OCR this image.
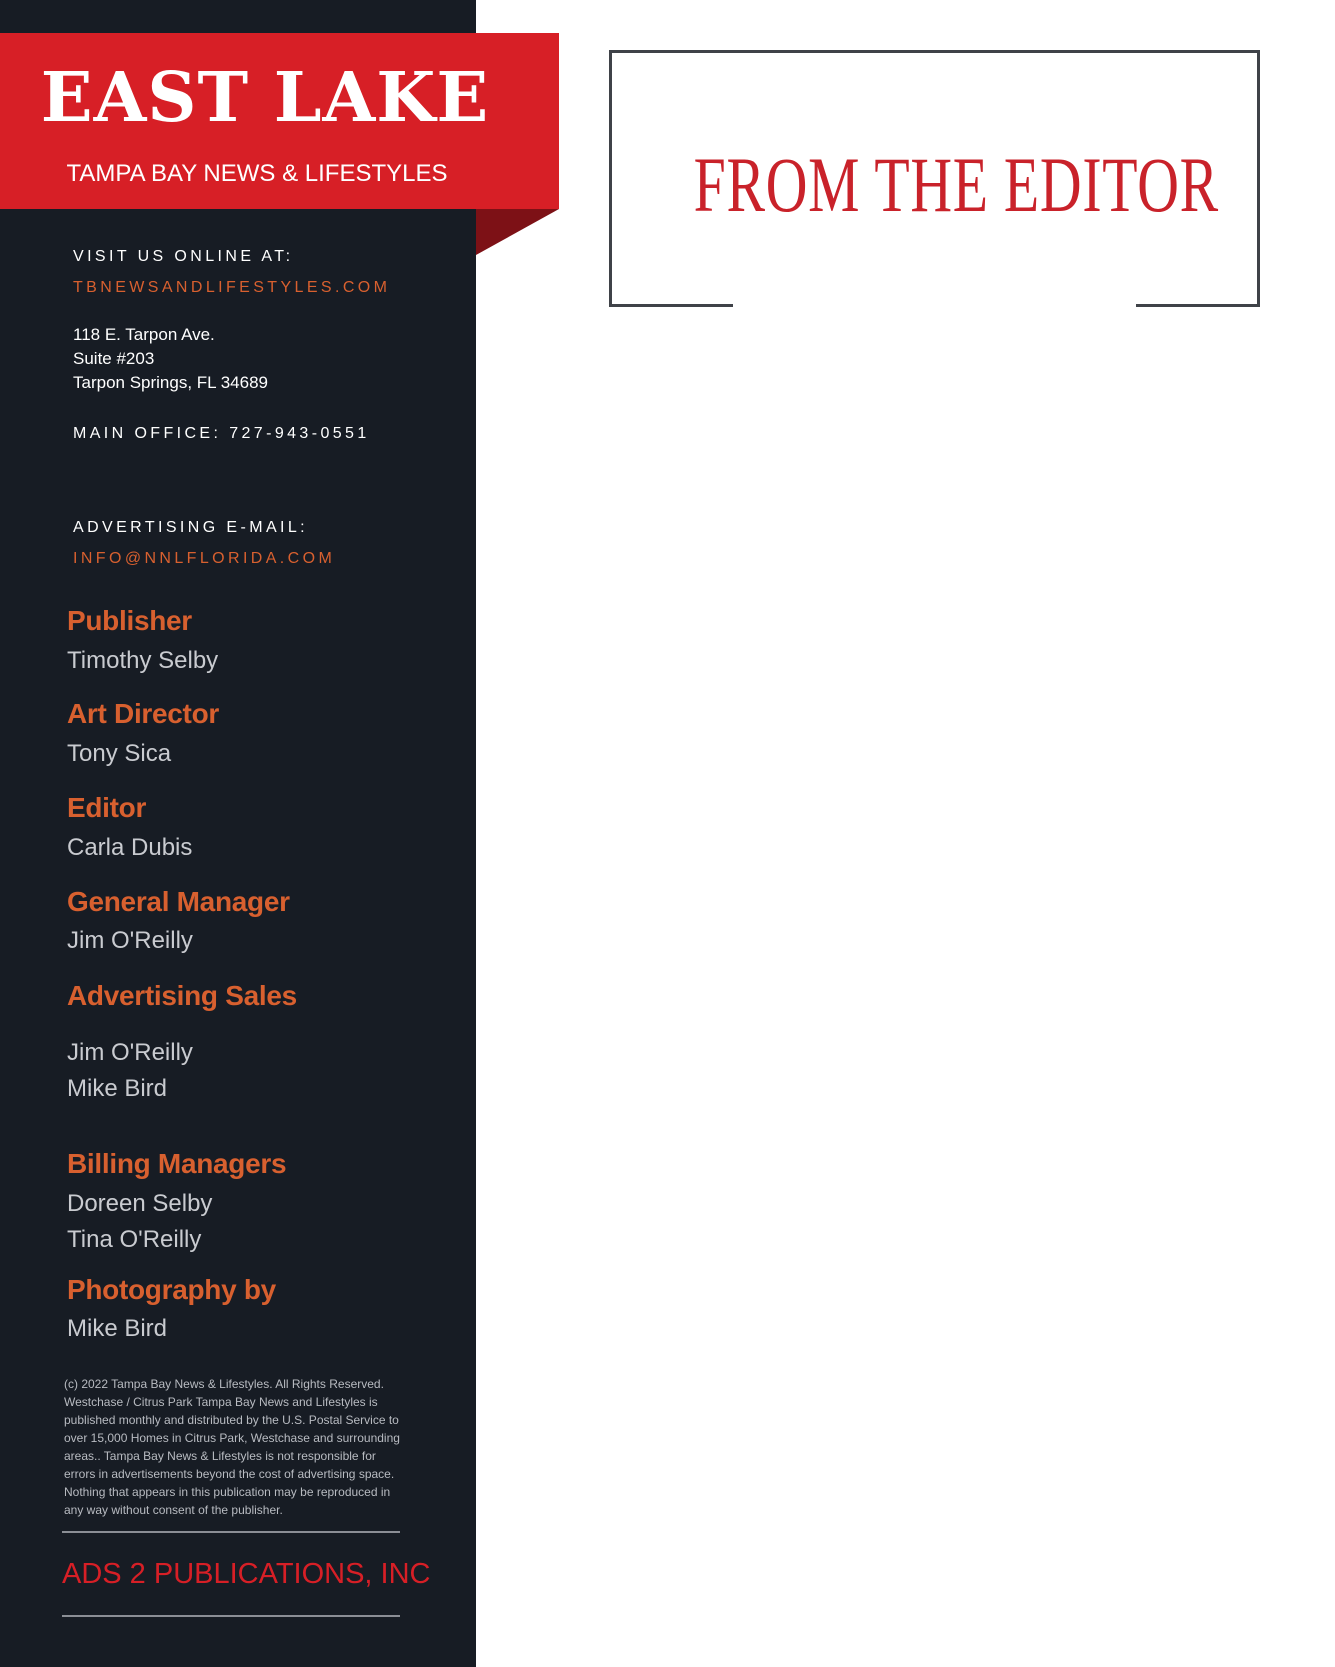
EAST LAKE
TAMPA BAY NEWS & LIFESTYLES
VISIT US ONLINE AT:
TBNEWSANDLIFESTYLES.COM
118 E. Tarpon Ave.
Suite #203
Tarpon Springs, FL 34689
MAIN OFFICE: 727-943-0551
ADVERTISING E-MAIL:
INFO@NNLFLORIDA.COM
Publisher
Timothy Selby
Art Director
Tony Sica
Editor
Carla Dubis
General Manager
Jim O'Reilly
Advertising Sales
Jim O'Reilly
Mike Bird
Billing Managers
Doreen Selby
Tina O'Reilly
Photography by
Mike Bird
(c) 2022 Tampa Bay News & Lifestyles. All Rights Reserved. Westchase / Citrus Park Tampa Bay News and Lifestyles is published monthly and distributed by the U.S. Postal Service to over 15,000 Homes in Citrus Park, Westchase and surrounding areas.. Tampa Bay News & Lifestyles is not responsible for errors in advertisements beyond the cost of advertising space. Nothing that appears in this publication may be reproduced in any way without consent of the publisher.
ADS 2 PUBLICATIONS, INC
FROM THE EDITOR
